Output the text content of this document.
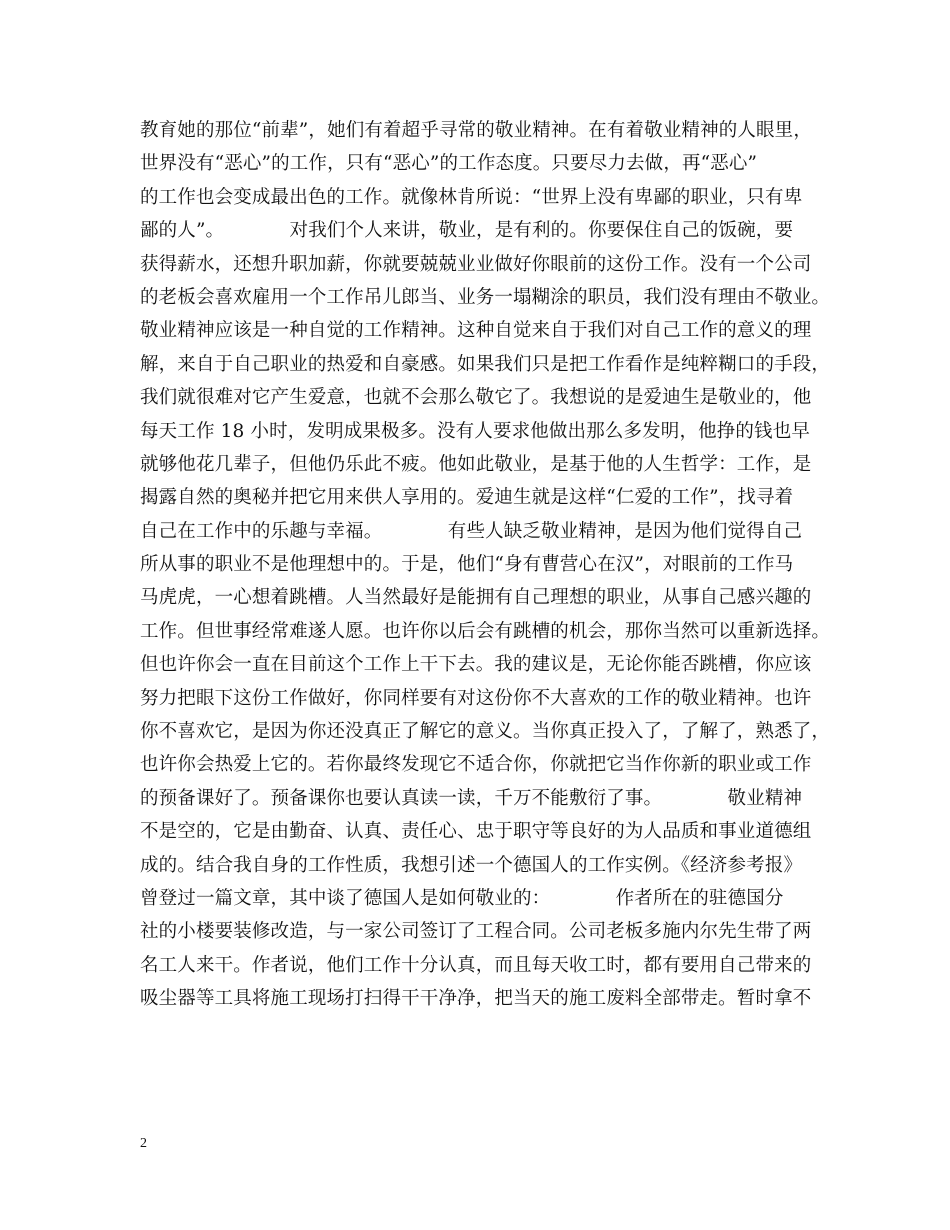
教育她的那位“前辈”，她们有着超乎寻常的敬业精神。在有着敬业精神的人眼里，
世界没有“恶心”的工作，只有“恶心”的工作态度。只要尽力去做，再“恶心”
的工作也会变成最出色的工作。就像林肯所说：“世界上没有卑鄙的职业，只有卑
鄙的人”。　　　　对我们个人来讲，敬业，是有利的。你要保住自己的饭碗，要
获得薪水，还想升职加薪，你就要兢兢业业做好你眼前的这份工作。没有一个公司
的老板会喜欢雇用一个工作吊儿郎当、业务一塌糊涂的职员，我们没有理由不敬业。
敬业精神应该是一种自觉的工作精神。这种自觉来自于我们对自己工作的意义的理
解，来自于自己职业的热爱和自豪感。如果我们只是把工作看作是纯粹糊口的手段，
我们就很难对它产生爱意，也就不会那么敬它了。我想说的是爱迪生是敬业的，他
每天工作 18 小时，发明成果极多。没有人要求他做出那么多发明，他挣的钱也早
就够他花几辈子，但他仍乐此不疲。他如此敬业，是基于他的人生哲学：工作，是
揭露自然的奥秘并把它用来供人享用的。爱迪生就是这样“仁爱的工作”，找寻着
自己在工作中的乐趣与幸福。　　　　有些人缺乏敬业精神，是因为他们觉得自己
所从事的职业不是他理想中的。于是，他们“身有曹营心在汉”，对眼前的工作马
马虎虎，一心想着跳槽。人当然最好是能拥有自己理想的职业，从事自己感兴趣的
工作。但世事经常难遂人愿。也许你以后会有跳槽的机会，那你当然可以重新选择。
但也许你会一直在目前这个工作上干下去。我的建议是，无论你能否跳槽，你应该
努力把眼下这份工作做好，你同样要有对这份你不大喜欢的工作的敬业精神。也许
你不喜欢它，是因为你还没真正了解它的意义。当你真正投入了，了解了，熟悉了，
也许你会热爱上它的。若你最终发现它不适合你，你就把它当作你新的职业或工作
的预备课好了。预备课你也要认真读一读，千万不能敷衍了事。　　　　敬业精神
不是空的，它是由勤奋、认真、责任心、忠于职守等良好的为人品质和事业道德组
成的。结合我自身的工作性质，我想引述一个德国人的工作实例。《经济参考报》
曾登过一篇文章，其中谈了德国人是如何敬业的：　　　　作者所在的驻德国分
社的小楼要装修改造，与一家公司签订了工程合同。公司老板多施内尔先生带了两
名工人来干。作者说，他们工作十分认真，而且每天收工时，都有要用自己带来的
吸尘器等工具将施工现场打扫得干干净净，把当天的施工废料全部带走。暂时拿不
2
